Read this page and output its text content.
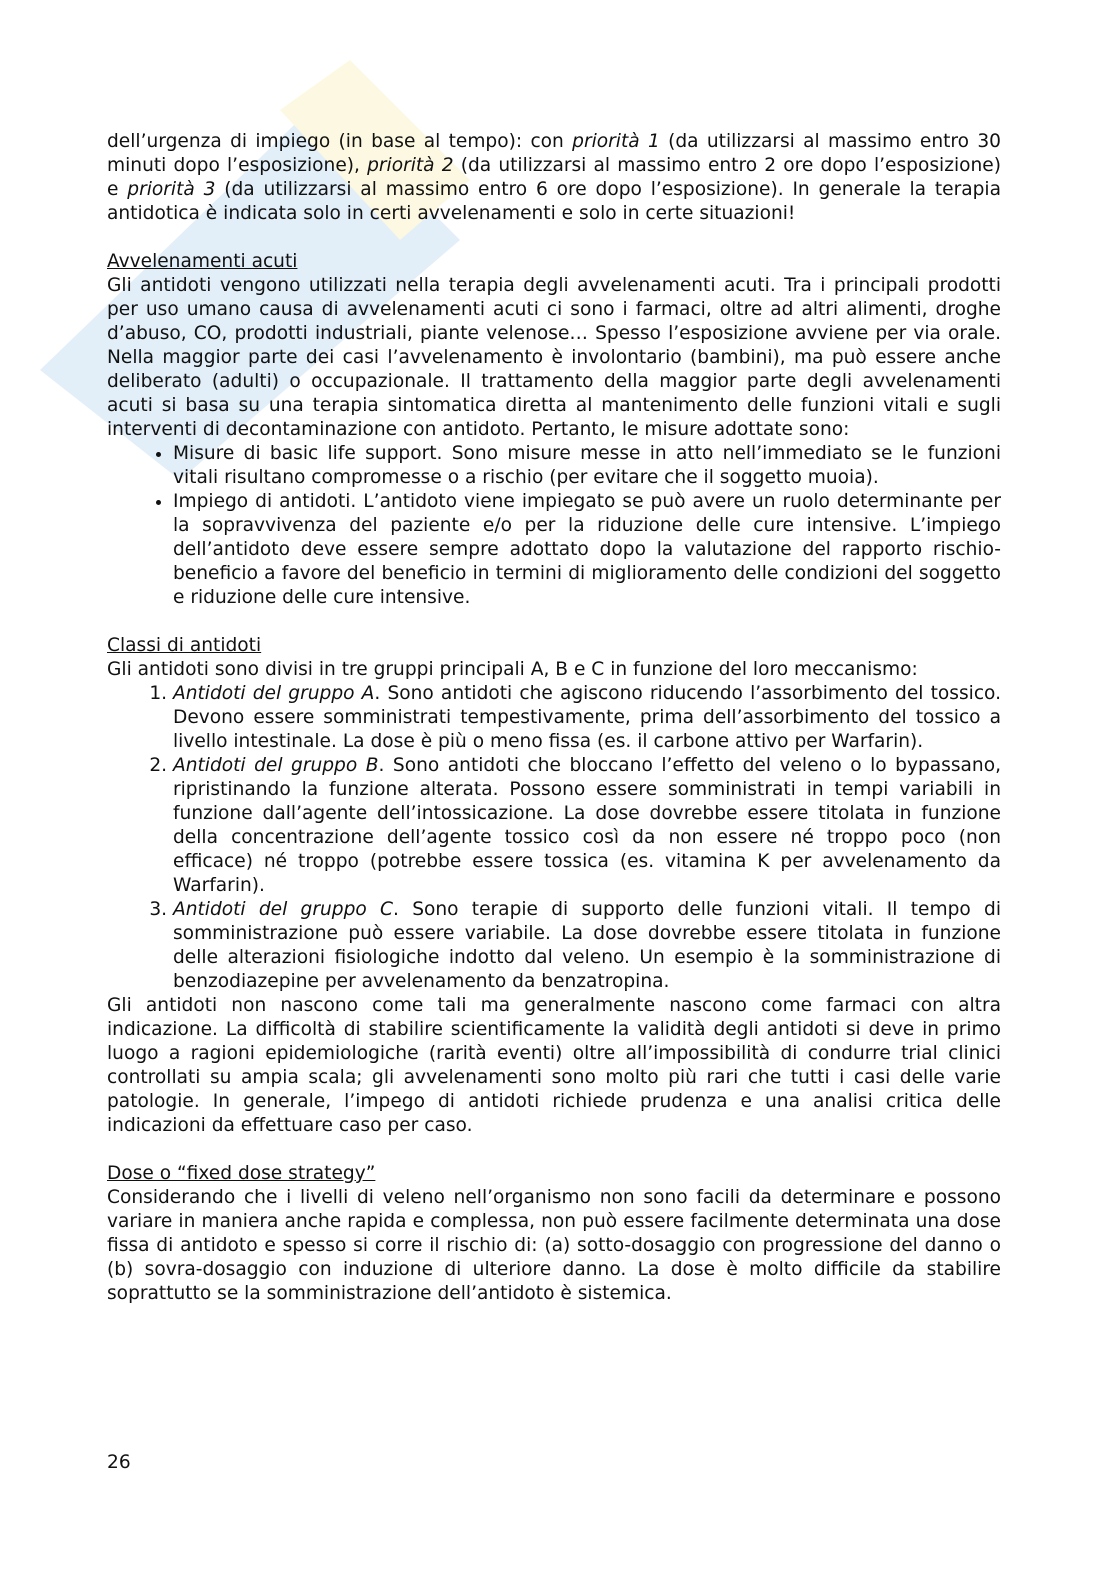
dell’urgenza di impiego (in base al tempo): con priorità 1 (da utilizzarsi al massimo entro 30 minuti dopo l’esposizione), priorità 2 (da utilizzarsi al massimo entro 2 ore dopo l’esposizione) e priorità 3 (da utilizzarsi al massimo entro 6 ore dopo l’esposizione). In generale la terapia antidotica è indicata solo in certi avvelenamenti e solo in certe situazioni!

Avvelenamenti acuti

Gli antidoti vengono utilizzati nella terapia degli avvelenamenti acuti. Tra i principali prodotti per uso umano causa di avvelenamenti acuti ci sono i farmaci, oltre ad altri alimenti, droghe d’abuso, CO, prodotti industriali, piante velenose… Spesso l’esposizione avviene per via orale. Nella maggior parte dei casi l’avvelenamento è involontario (bambini), ma può essere anche deliberato (adulti) o occupazionale. Il trattamento della maggior parte degli avvelenamenti acuti si basa su una terapia sintomatica diretta al mantenimento delle funzioni vitali e sugli interventi di decontaminazione con antidoto. Pertanto, le misure adottate sono:

• Misure di basic life support. Sono misure messe in atto nell’immediato se le funzioni vitali risultano compromesse o a rischio (per evitare che il soggetto muoia).
• Impiego di antidoti. L’antidoto viene impiegato se può avere un ruolo determinante per la sopravvivenza del paziente e/o per la riduzione delle cure intensive. L’impiego dell’antidoto deve essere sempre adottato dopo la valutazione del rapporto rischio-beneficio a favore del beneficio in termini di miglioramento delle condizioni del soggetto e riduzione delle cure intensive.

Classi di antidoti

Gli antidoti sono divisi in tre gruppi principali A, B e C in funzione del loro meccanismo:

1. Antidoti del gruppo A. Sono antidoti che agiscono riducendo l’assorbimento del tossico. Devono essere somministrati tempestivamente, prima dell’assorbimento del tossico a livello intestinale. La dose è più o meno fissa (es. il carbone attivo per Warfarin).
2. Antidoti del gruppo B. Sono antidoti che bloccano l’effetto del veleno o lo bypassano, ripristinando la funzione alterata. Possono essere somministrati in tempi variabili in funzione dall’agente dell’intossicazione. La dose dovrebbe essere titolata in funzione della concentrazione dell’agente tossico così da non essere né troppo poco (non efficace) né troppo (potrebbe essere tossica (es. vitamina K per avvelenamento da Warfarin).
3. Antidoti del gruppo C. Sono terapie di supporto delle funzioni vitali. Il tempo di somministrazione può essere variabile. La dose dovrebbe essere titolata in funzione delle alterazioni fisiologiche indotto dal veleno. Un esempio è la somministrazione di benzodiazepine per avvelenamento da benzatropina.

Gli antidoti non nascono come tali ma generalmente nascono come farmaci con altra indicazione. La difficoltà di stabilire scientificamente la validità degli antidoti si deve in primo luogo a ragioni epidemiologiche (rarità eventi) oltre all’impossibilità di condurre trial clinici controllati su ampia scala; gli avvelenamenti sono molto più rari che tutti i casi delle varie patologie. In generale, l’impego di antidoti richiede prudenza e una analisi critica delle indicazioni da effettuare caso per caso.

Dose o “fixed dose strategy”

Considerando che i livelli di veleno nell’organismo non sono facili da determinare e possono variare in maniera anche rapida e complessa, non può essere facilmente determinata una dose fissa di antidoto e spesso si corre il rischio di: (a) sotto-dosaggio con progressione del danno o (b) sovra-dosaggio con induzione di ulteriore danno. La dose è molto difficile da stabilire soprattutto se la somministrazione dell’antidoto è sistemica.

26
